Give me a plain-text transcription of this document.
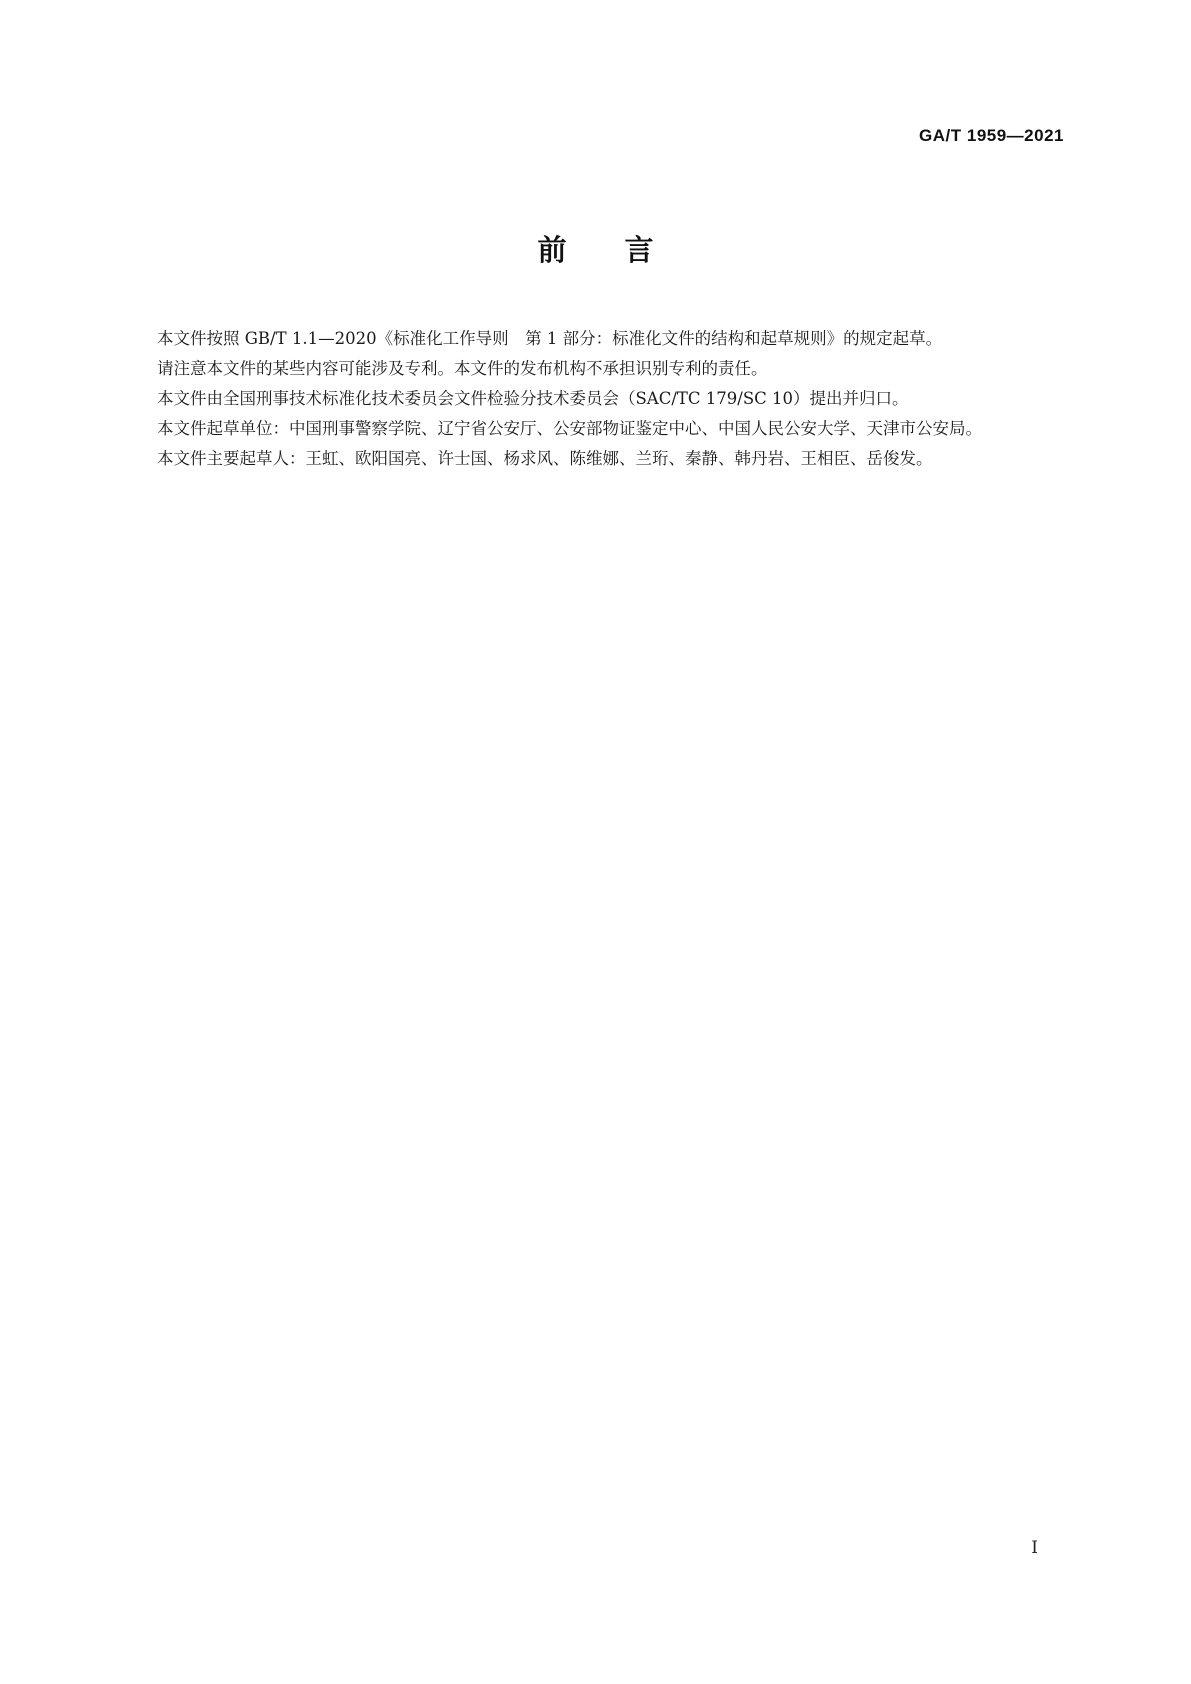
GA/T 1959—2021
前言

本文件按照 GB/T 1.1—2020《标准化工作导则　第 1 部分：标准化文件的结构和起草规则》的规定起草。

请注意本文件的某些内容可能涉及专利。本文件的发布机构不承担识别专利的责任。

本文件由全国刑事技术标准化技术委员会文件检验分技术委员会（SAC/TC 179/SC 10）提出并归口。

本文件起草单位：中国刑事警察学院、辽宁省公安厅、公安部物证鉴定中心、中国人民公安大学、天津市公安局。

本文件主要起草人：王虹、欧阳国亮、许士国、杨求风、陈维娜、兰珩、秦静、韩丹岩、王相臣、岳俊发。

I
